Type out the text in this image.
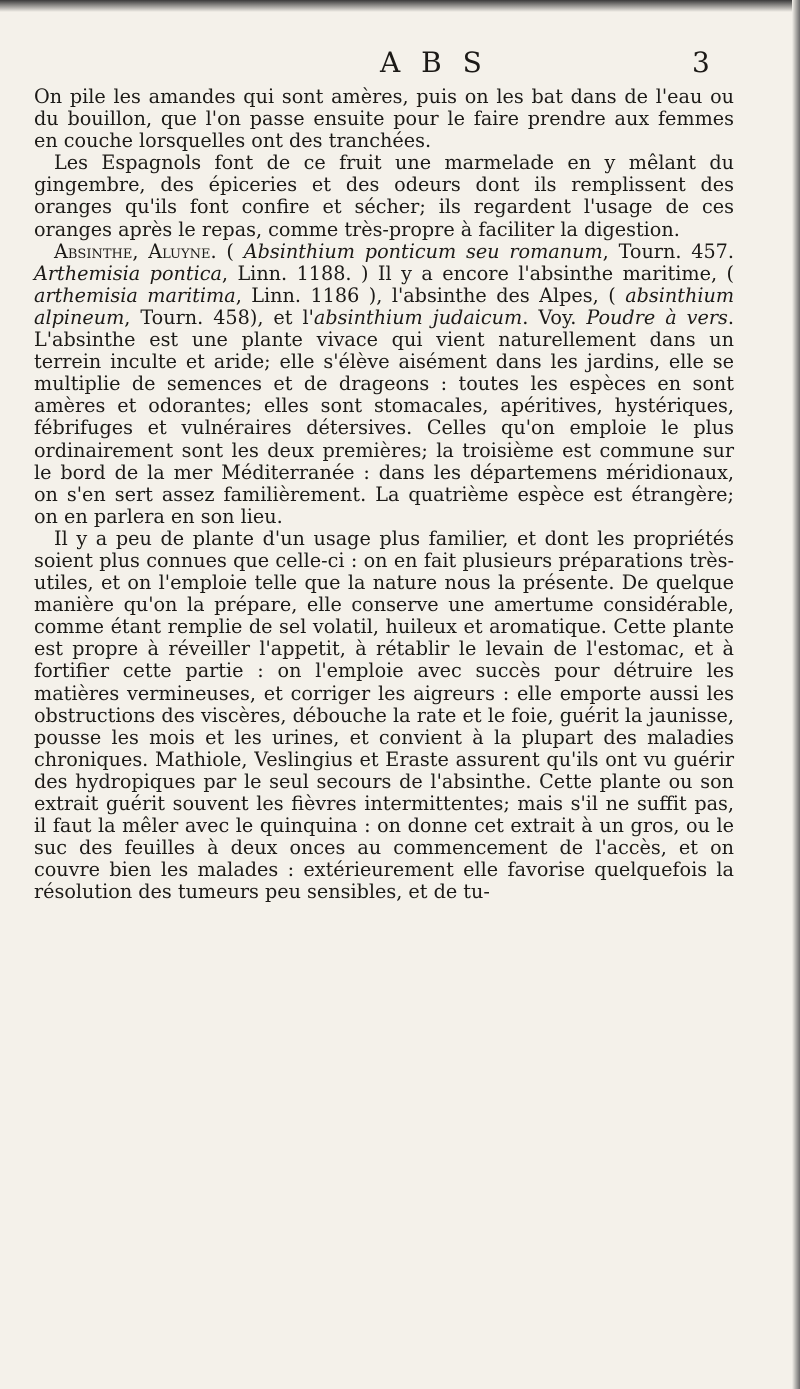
A B S	3

On pile les amandes qui sont amères, puis on les bat dans de l'eau ou du bouillon, que l'on passe ensuite pour le faire prendre aux femmes en couche lorsquelles ont des tranchées.

Les Espagnols font de ce fruit une marmelade en y mêlant du gingembre, des épiceries et des odeurs dont ils remplissent des oranges qu'ils font confire et sécher; ils regardent l'usage de ces oranges après le repas, comme très-propre à faciliter la digestion.

Absinthe, Aluyne. ( Absinthium ponticum seu romanum, Tourn. 457. Arthemisia pontica, Linn. 1188. ) Il y a encore l'absinthe maritime, ( arthemisia maritima, Linn. 1186 ), l'absinthe des Alpes, ( absinthium alpineum, Tourn. 458), et l'absinthium judaicum. Voy. Poudre à vers. L'absinthe est une plante vivace qui vient naturellement dans un terrein inculte et aride; elle s'élève aisément dans les jardins, elle se multiplie de semences et de drageons : toutes les espèces en sont amères et odorantes; elles sont stomacales, apéritives, hystériques, fébrifuges et vulnéraires détersives. Celles qu'on emploie le plus ordinairement sont les deux premières; la troisième est commune sur le bord de la mer Méditerranée : dans les départemens méridionaux, on s'en sert assez familièrement. La quatrième espèce est étrangère; on en parlera en son lieu.

Il y a peu de plante d'un usage plus familier, et dont les propriétés soient plus connues que celle-ci : on en fait plusieurs préparations très-utiles, et on l'emploie telle que la nature nous la présente. De quelque manière qu'on la prépare, elle conserve une amertume considérable, comme étant remplie de sel volatil, huileux et aromatique. Cette plante est propre à réveiller l'appetit, à rétablir le levain de l'estomac, et à fortifier cette partie : on l'emploie avec succès pour détruire les matières vermineuses, et corriger les aigreurs : elle emporte aussi les obstructions des viscères, débouche la rate et le foie, guérit la jaunisse, pousse les mois et les urines, et convient à la plupart des maladies chroniques. Mathiole, Veslingius et Eraste assurent qu'ils ont vu guérir des hydropiques par le seul secours de l'absinthe. Cette plante ou son extrait guérit souvent les fièvres intermittentes; mais s'il ne suffit pas, il faut la mêler avec le quinquina : on donne cet extrait à un gros, ou le suc des feuilles à deux onces au commencement de l'accès, et on couvre bien les malades : extérieurement elle favorise quelquefois la résolution des tumeurs peu sensibles, et de tu-
